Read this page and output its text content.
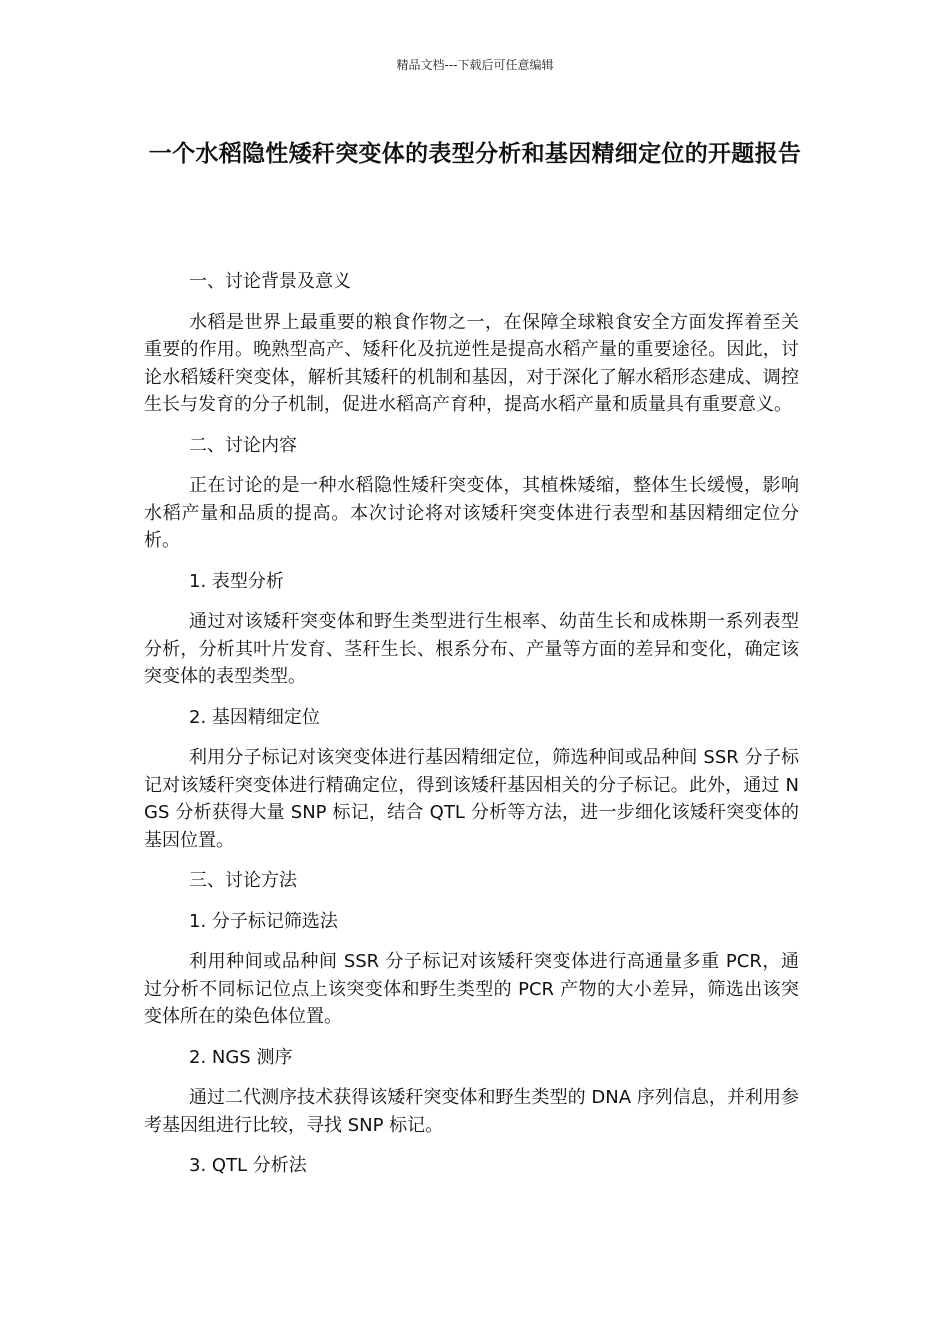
精品文档---下载后可任意编辑
一个水稻隐性矮秆突变体的表型分析和基因精细定位的开题报告

一、讨论背景及意义

水稻是世界上最重要的粮食作物之一，在保障全球粮食安全方面发挥着至关重要的作用。晚熟型高产、矮秆化及抗逆性是提高水稻产量的重要途径。因此，讨论水稻矮秆突变体，解析其矮秆的机制和基因，对于深化了解水稻形态建成、调控生长与发育的分子机制，促进水稻高产育种，提高水稻产量和质量具有重要意义。

二、讨论内容

正在讨论的是一种水稻隐性矮秆突变体，其植株矮缩，整体生长缓慢，影响水稻产量和品质的提高。本次讨论将对该矮秆突变体进行表型和基因精细定位分析。

1. 表型分析

通过对该矮秆突变体和野生类型进行生根率、幼苗生长和成株期一系列表型分析，分析其叶片发育、茎秆生长、根系分布、产量等方面的差异和变化，确定该突变体的表型类型。

2. 基因精细定位

利用分子标记对该突变体进行基因精细定位，筛选种间或品种间 SSR 分子标记对该矮秆突变体进行精确定位，得到该矮秆基因相关的分子标记。此外，通过 NGS 分析获得大量 SNP 标记，结合 QTL 分析等方法，进一步细化该矮秆突变体的基因位置。

三、讨论方法

1. 分子标记筛选法

利用种间或品种间 SSR 分子标记对该矮秆突变体进行高通量多重 PCR，通过分析不同标记位点上该突变体和野生类型的 PCR 产物的大小差异，筛选出该突变体所在的染色体位置。

2. NGS 测序

通过二代测序技术获得该矮秆突变体和野生类型的 DNA 序列信息，并利用参考基因组进行比较，寻找 SNP 标记。

3. QTL 分析法
